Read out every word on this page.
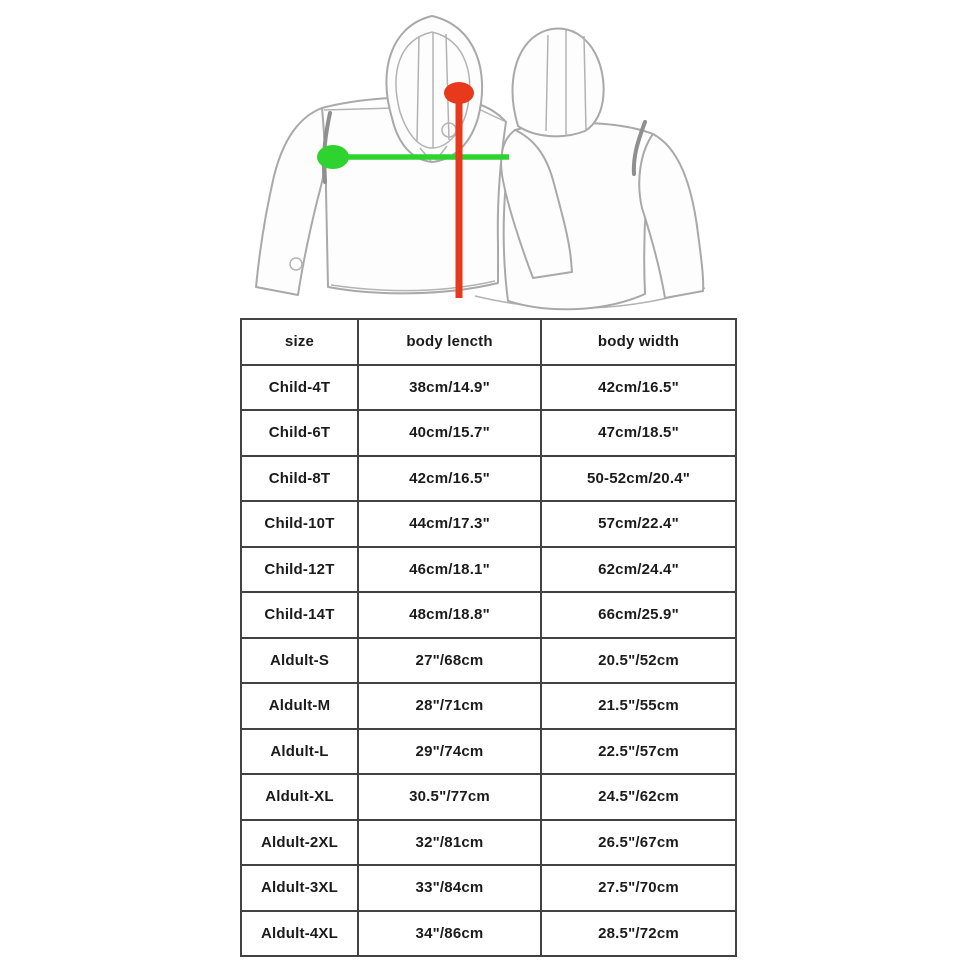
size	body lencth	body width
Child-4T	38cm/14.9"	42cm/16.5"
Child-6T	40cm/15.7"	47cm/18.5"
Child-8T	42cm/16.5"	50-52cm/20.4"
Child-10T	44cm/17.3"	57cm/22.4"
Child-12T	46cm/18.1"	62cm/24.4"
Child-14T	48cm/18.8"	66cm/25.9"
Aldult-S	27"/68cm	20.5"/52cm
Aldult-M	28"/71cm	21.5"/55cm
Aldult-L	29"/74cm	22.5"/57cm
Aldult-XL	30.5"/77cm	24.5"/62cm
Aldult-2XL	32"/81cm	26.5"/67cm
Aldult-3XL	33"/84cm	27.5"/70cm
Aldult-4XL	34"/86cm	28.5"/72cm
